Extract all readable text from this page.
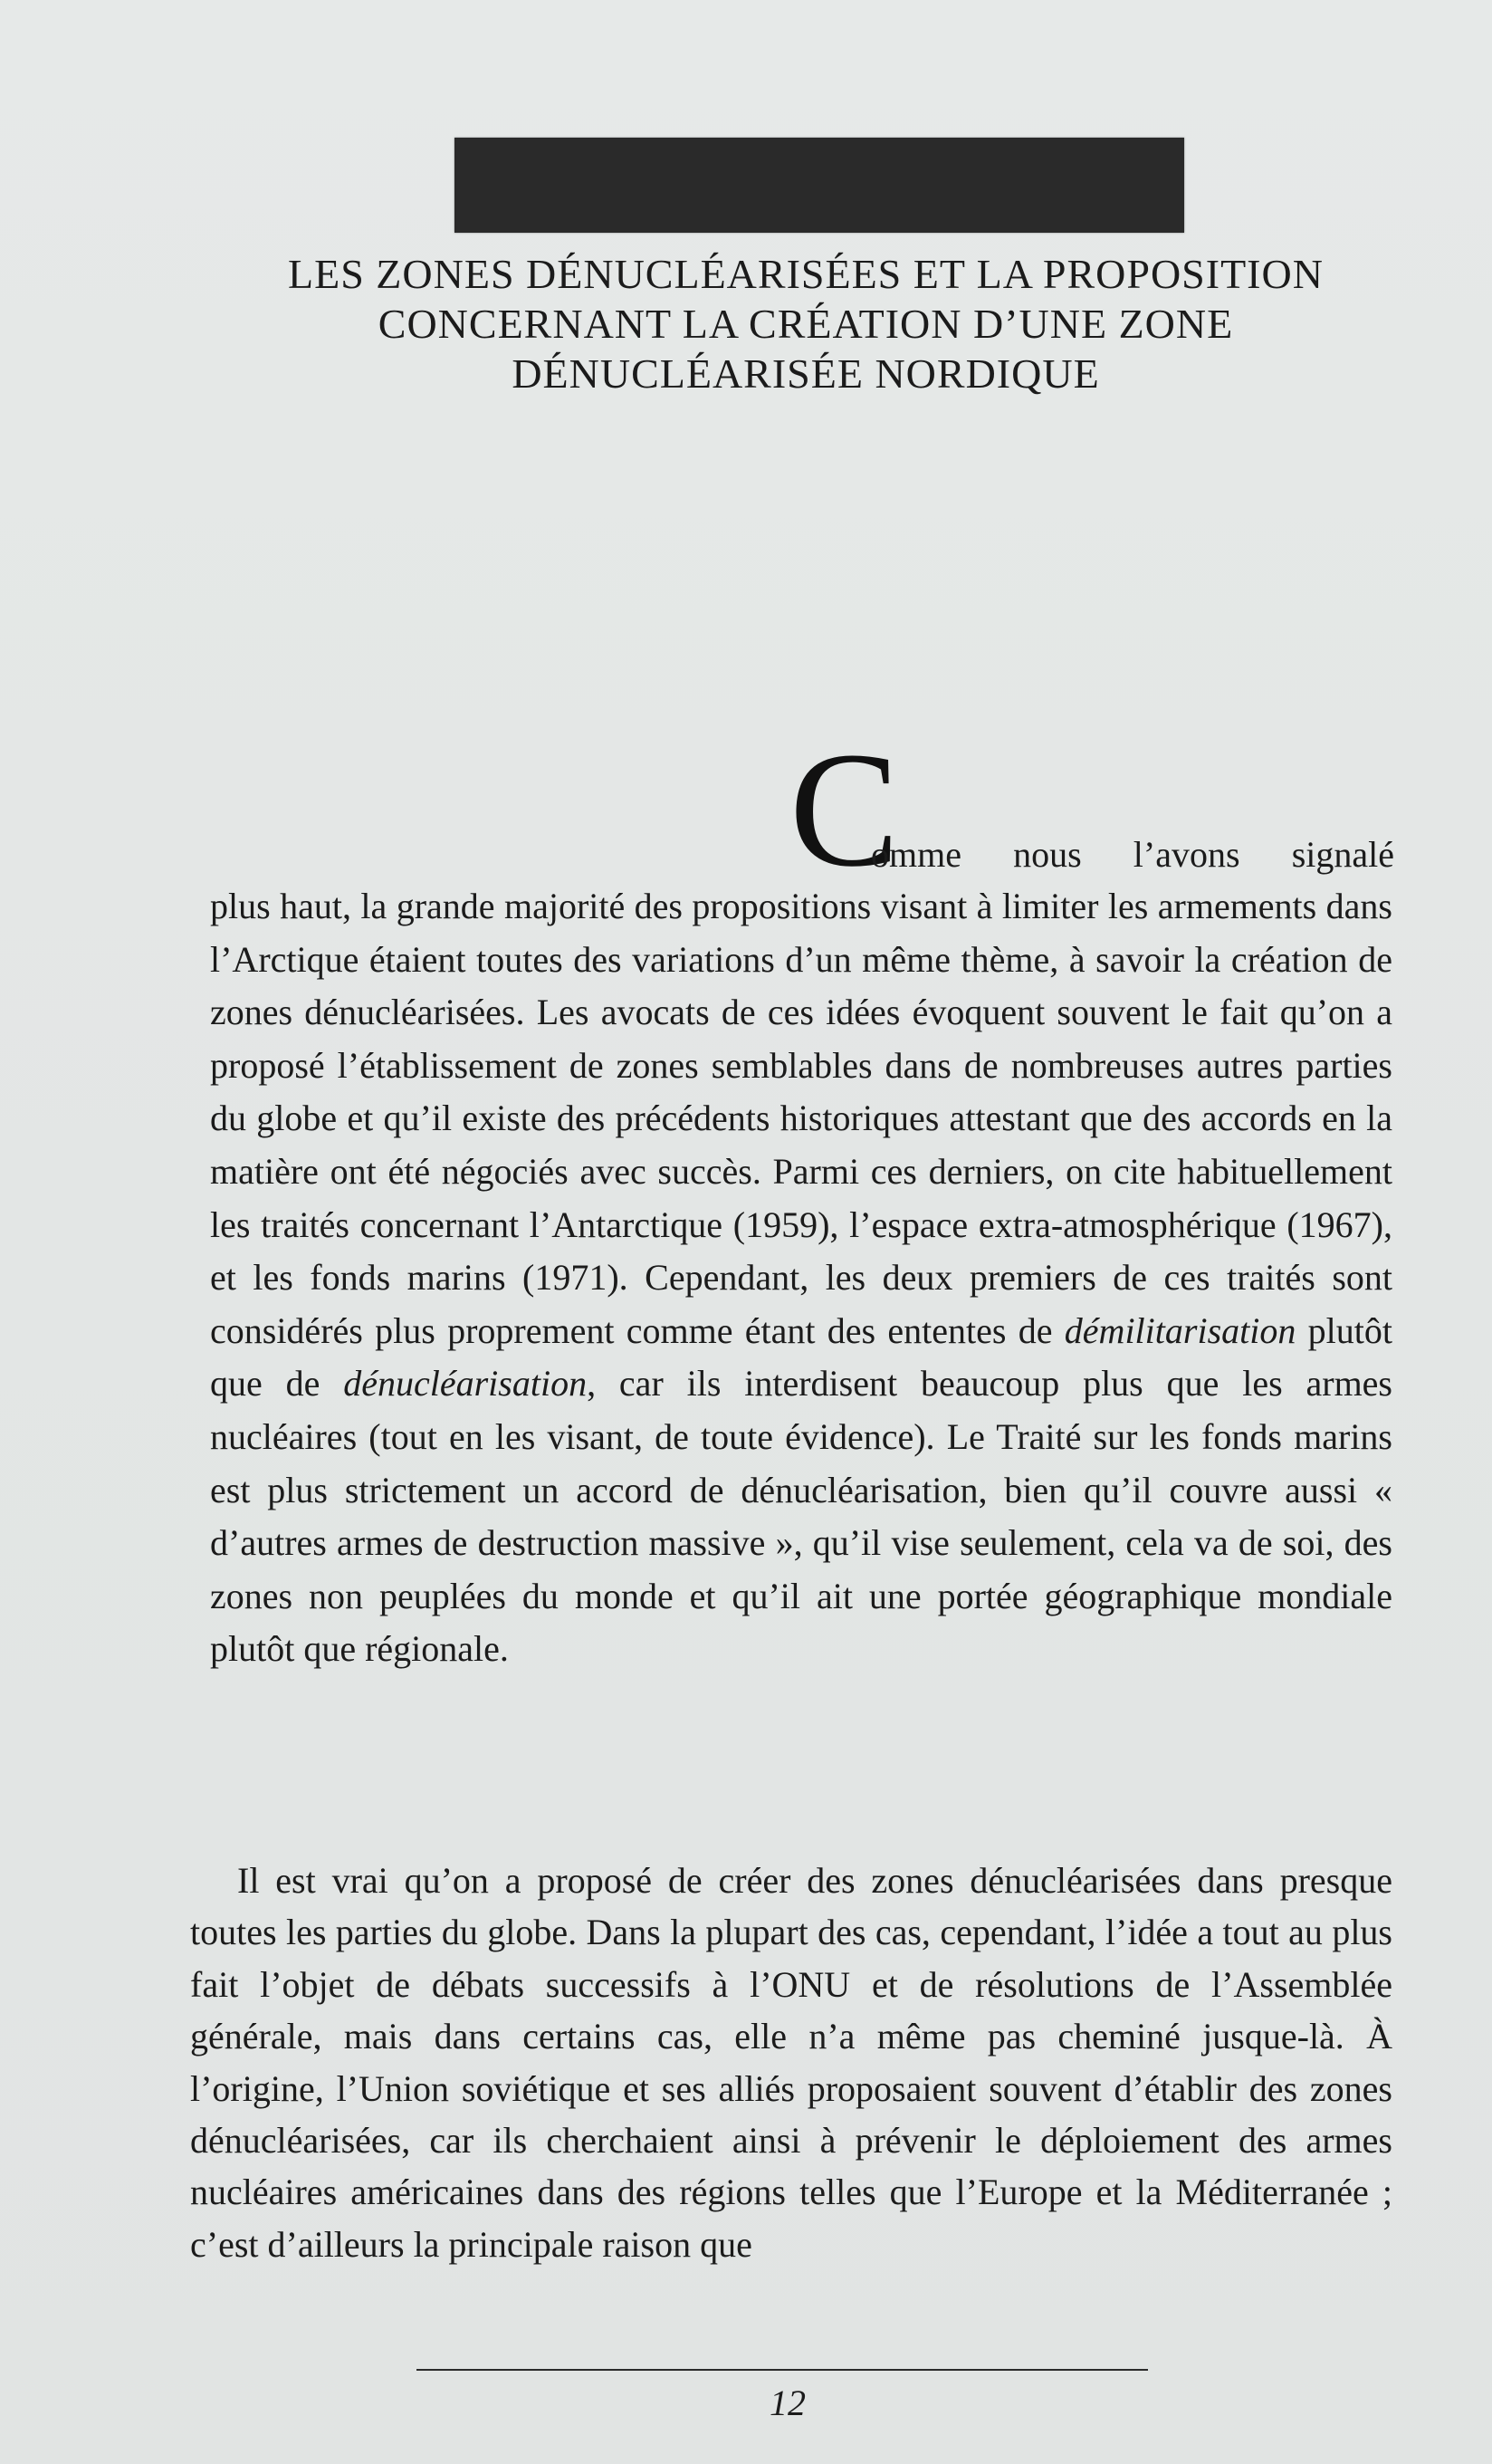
LES ZONES DÉNUCLÉARISÉES ET LA PROPOSITION
CONCERNANT LA CRÉATION D’UNE ZONE
DÉNUCLÉARISÉE NORDIQUE
C

omme nous l’avons signalé

plus haut, la grande majorité des propositions visant à limiter les armements dans l’Arctique étaient toutes des variations d’un même thème, à savoir la création de zones dénucléarisées. Les avocats de ces idées évoquent souvent le fait qu’on a proposé l’établissement de zones semblables dans de nombreuses autres parties du globe et qu’il existe des précédents historiques attestant que des accords en la matière ont été négociés avec succès. Parmi ces derniers, on cite habituellement les traités concernant l’Antarctique (1959), l’espace extra-atmosphérique (1967), et les fonds marins (1971). Cependant, les deux premiers de ces traités sont considérés plus proprement comme étant des ententes de démilitarisation plutôt que de dénucléarisation, car ils interdisent beaucoup plus que les armes nucléaires (tout en les visant, de toute évidence). Le Traité sur les fonds marins est plus strictement un accord de dénucléarisation, bien qu’il couvre aussi « d’autres armes de destruction massive », qu’il vise seulement, cela va de soi, des zones non peuplées du monde et qu’il ait une portée géographique mondiale plutôt que régionale.

Il est vrai qu’on a proposé de créer des zones dénucléarisées dans presque toutes les parties du globe. Dans la plupart des cas, cependant, l’idée a tout au plus fait l’objet de débats successifs à l’ONU et de résolutions de l’Assemblée générale, mais dans certains cas, elle n’a même pas cheminé jusque-là. À l’origine, l’Union soviétique et ses alliés proposaient souvent d’établir des zones dénucléarisées, car ils cherchaient ainsi à prévenir le déploiement des armes nucléaires américaines dans des régions telles que l’Europe et la Méditerranée ; c’est d’ailleurs la principale raison que

12
